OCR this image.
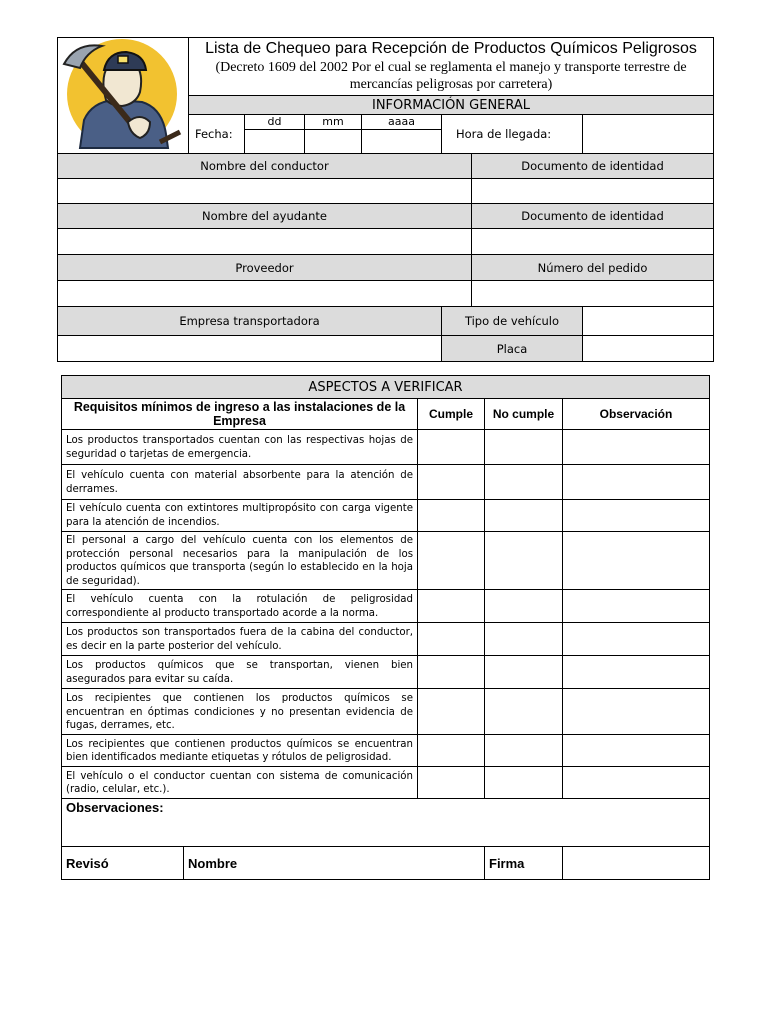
Lista de Chequeo para Recepción de Productos Químicos Peligrosos
(Decreto 1609 del 2002 Por el cual se reglamenta el manejo y transporte terrestre de mercancías peligrosas por carretera)						

	INFORMACIÓN GENERAL						
	Fecha:	dd	mm	aaaa	Hora de llegada:		

Nombre del conductor						Documento de identidad	

Nombre del ayudante						Documento de identidad	

Proveedor						Número del pedido	

Empresa transportadora					Tipo de vehículo		
					Placa		
ASPECTOS A VERIFICAR				
Requisitos mínimos de ingreso a las instalaciones de la Empresa		Cumple	No cumple	Observación
Los productos transportados cuentan con las respectivas hojas de seguridad o tarjetas de emergencia.				
El vehículo cuenta con material absorbente para la atención de derrames.				
El vehículo cuenta con extintores multipropósito con carga vigente para la atención de incendios.				
El personal a cargo del vehículo cuenta con los elementos de protección personal necesarios para la manipulación de los productos químicos que transporta (según lo establecido en la hoja de seguridad).				
El vehículo cuenta con la rotulación de peligrosidad correspondiente al producto transportado acorde a la norma.				
Los productos son transportados fuera de la cabina del conductor, es decir en la parte posterior del vehículo.				
Los productos químicos que se transportan, vienen bien asegurados para evitar su caída.				
Los recipientes que contienen los productos químicos se encuentran en óptimas condiciones y no presentan evidencia de fugas, derrames, etc.				
Los recipientes que contienen productos químicos se encuentran bien identificados mediante etiquetas y rótulos de peligrosidad.				
El vehículo o el conductor cuentan con sistema de comunicación (radio, celular, etc.).				
Observaciones:				
Revisó	Nombre		Firma	
